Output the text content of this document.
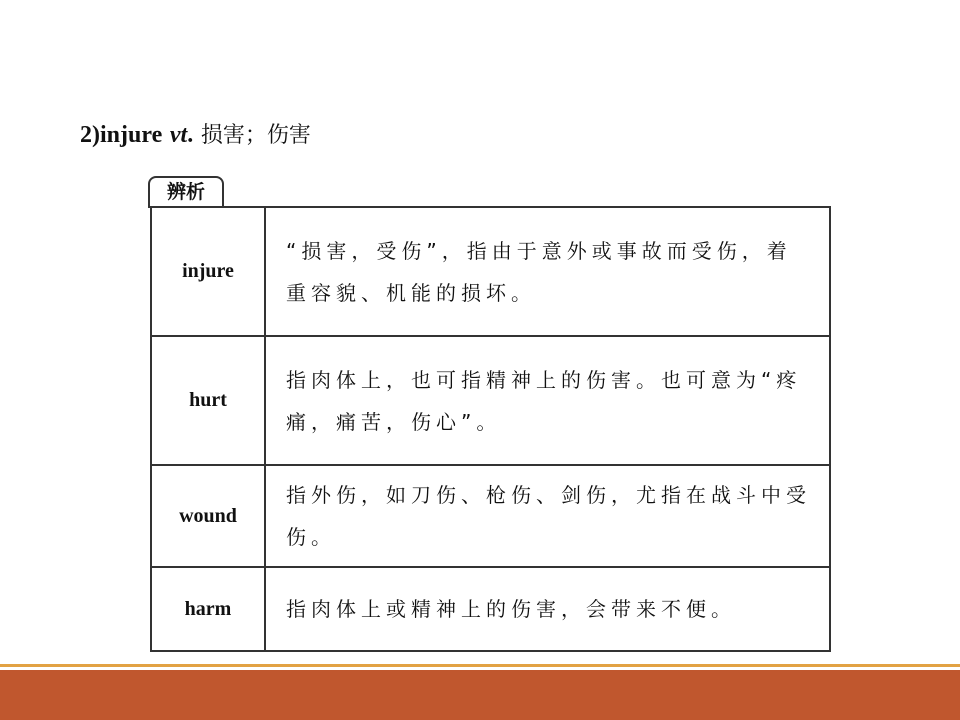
2)injure vt. 损害；伤害
辨析
injure	“损害，受伤”，指由于意外或事故而受伤，着重容貌、机能的损坏。
hurt	指肉体上，也可指精神上的伤害。也可意为“疼痛，痛苦，伤心”。
wound	指外伤，如刀伤、枪伤、剑伤，尤指在战斗中受伤。
harm	指肉体上或精神上的伤害，会带来不便。
